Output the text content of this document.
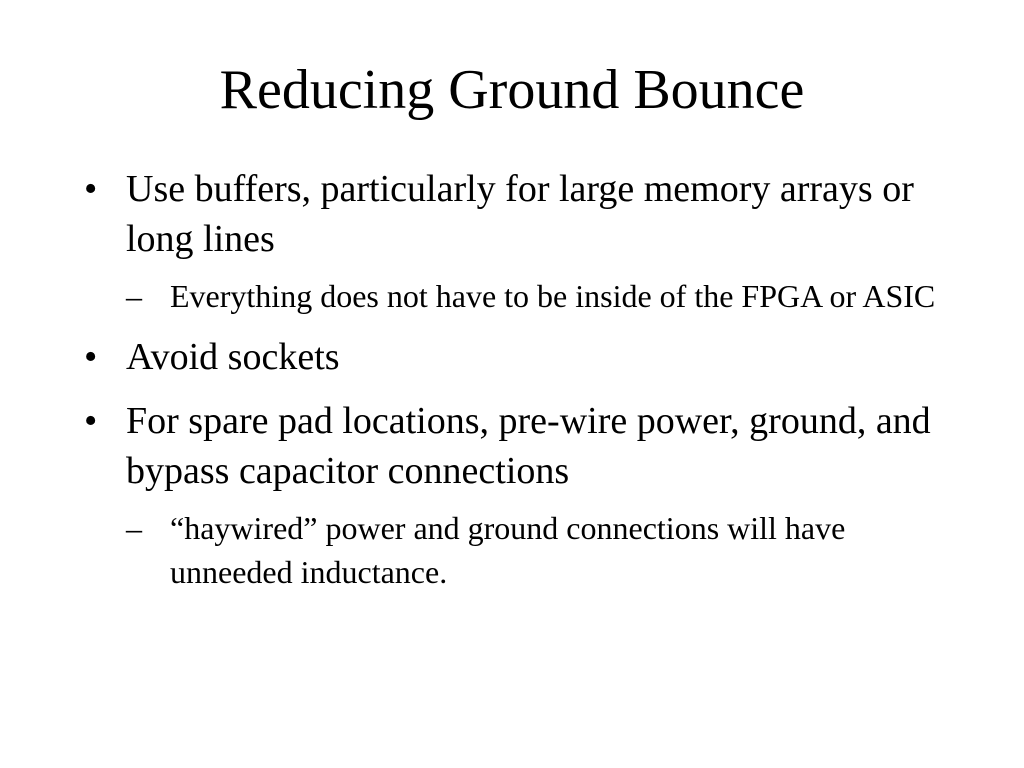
Reducing Ground Bounce
• Use buffers, particularly for large memory arrays or long lines
– Everything does not have to be inside of the FPGA or ASIC
• Avoid sockets
• For spare pad locations, pre-wire power, ground, and bypass capacitor connections
– “haywired” power and ground connections will have unneeded inductance.
